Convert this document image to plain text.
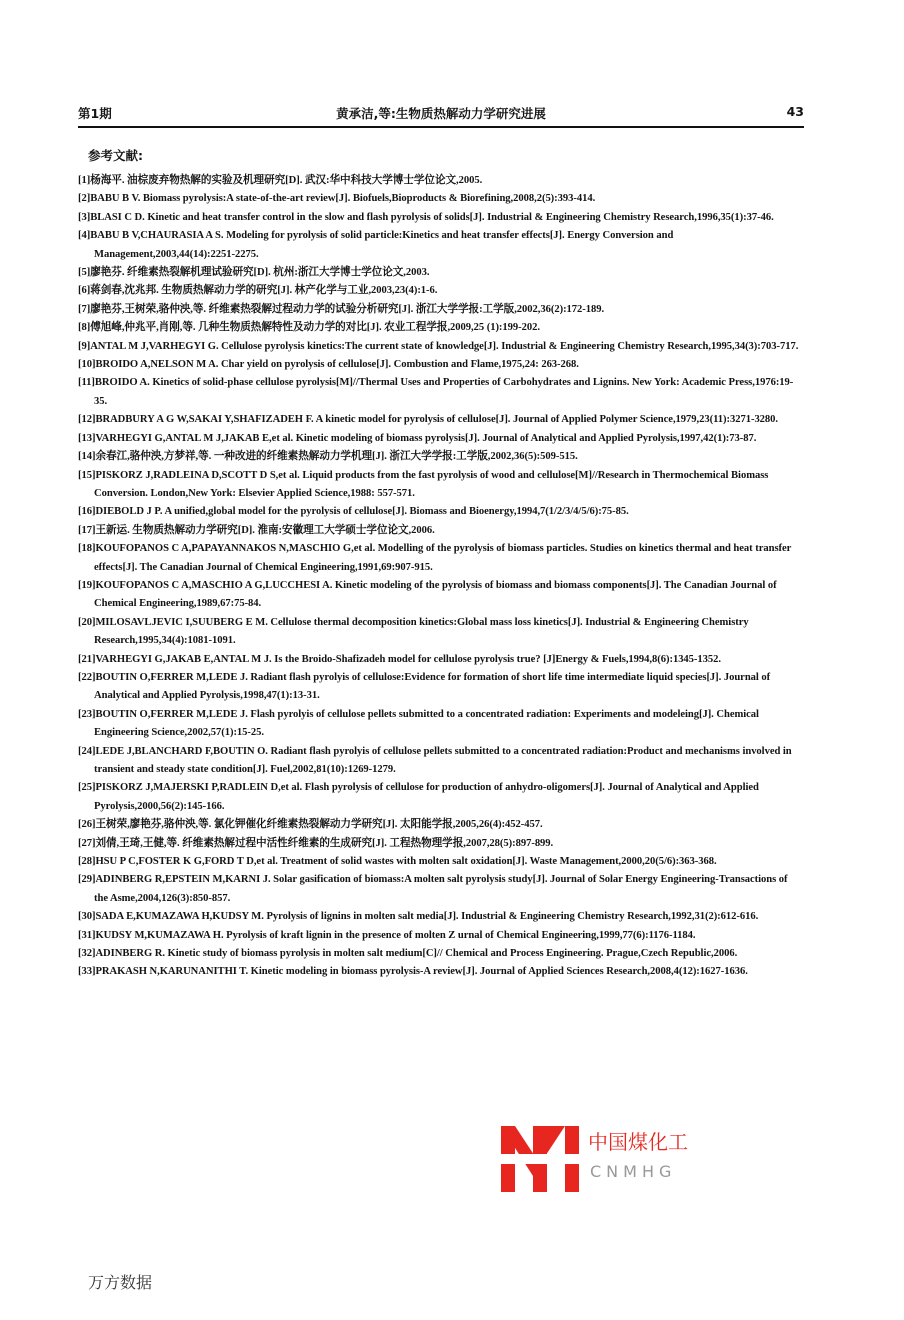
第1期	黄承洁,等:生物质热解动力学研究进展	43
参考文献:
[1]杨海平. 油棕废弃物热解的实验及机理研究[D]. 武汉:华中科技大学博士学位论文,2005.
[2]BABU B V. Biomass pyrolysis:A state-of-the-art review[J]. Biofuels,Bioproducts & Biorefining,2008,2(5):393-414.
[3]BLASI C D. Kinetic and heat transfer control in the slow and flash pyrolysis of solids[J]. Industrial & Engineering Chemistry Research,1996,35(1):37-46.
[4]BABU B V,CHAURASIA A S. Modeling for pyrolysis of solid particle:Kinetics and heat transfer effects[J]. Energy Conversion and Management,2003,44(14):2251-2275.
[5]廖艳芬. 纤维素热裂解机理试验研究[D]. 杭州:浙江大学博士学位论文,2003.
[6]蒋剑春,沈兆邦. 生物质热解动力学的研究[J]. 林产化学与工业,2003,23(4):1-6.
[7]廖艳芬,王树荣,骆仲泱,等. 纤维素热裂解过程动力学的试验分析研究[J]. 浙江大学学报:工学版,2002,36(2):172-189.
[8]傅旭峰,仲兆平,肖刚,等. 几种生物质热解特性及动力学的对比[J]. 农业工程学报,2009,25 (1):199-202.
[9]ANTAL M J,VARHEGYI G. Cellulose pyrolysis kinetics:The current state of knowledge[J]. Industrial & Engineering Chemistry Research,1995,34(3):703-717.
[10]BROIDO A,NELSON M A. Char yield on pyrolysis of cellulose[J]. Combustion and Flame,1975,24: 263-268.
[11]BROIDO A. Kinetics of solid-phase cellulose pyrolysis[M]//Thermal Uses and Properties of Carbohydrates and Lignins. New York: Academic Press,1976:19-35.
[12]BRADBURY A G W,SAKAI Y,SHAFIZADEH F. A kinetic model for pyrolysis of cellulose[J]. Journal of Applied Polymer Science,1979,23(11):3271-3280.
[13]VARHEGYI G,ANTAL M J,JAKAB E,et al. Kinetic modeling of biomass pyrolysis[J]. Journal of Analytical and Applied Pyrolysis,1997,42(1):73-87.
[14]余春江,骆仲泱,方梦祥,等. 一种改进的纤维素热解动力学机理[J]. 浙江大学学报:工学版,2002,36(5):509-515.
[15]PISKORZ J,RADLEINA D,SCOTT D S,et al. Liquid products from the fast pyrolysis of wood and cellulose[M]//Research in Thermochemical Biomass Conversion. London,New York: Elsevier Applied Science,1988: 557-571.
[16]DIEBOLD J P. A unified,global model for the pyrolysis of cellulose[J]. Biomass and Bioenergy,1994,7(1/2/3/4/5/6):75-85.
[17]王新运. 生物质热解动力学研究[D]. 淮南:安徽理工大学硕士学位论文,2006.
[18]KOUFOPANOS C A,PAPAYANNAKOS N,MASCHIO G,et al. Modelling of the pyrolysis of biomass particles. Studies on kinetics thermal and heat transfer effects[J]. The Canadian Journal of Chemical Engineering,1991,69:907-915.
[19]KOUFOPANOS C A,MASCHIO A G,LUCCHESI A. Kinetic modeling of the pyrolysis of biomass and biomass components[J]. The Canadian Journal of Chemical Engineering,1989,67:75-84.
[20]MILOSAVLJEVIC I,SUUBERG E M. Cellulose thermal decomposition kinetics:Global mass loss kinetics[J]. Industrial & Engineering Chemistry Research,1995,34(4):1081-1091.
[21]VARHEGYI G,JAKAB E,ANTAL M J. Is the Broido-Shafizadeh model for cellulose pyrolysis true? [J]Energy & Fuels,1994,8(6):1345-1352.
[22]BOUTIN O,FERRER M,LEDE J. Radiant flash pyrolyis of cellulose:Evidence for formation of short life time intermediate liquid species[J]. Journal of Analytical and Applied Pyrolysis,1998,47(1):13-31.
[23]BOUTIN O,FERRER M,LEDE J. Flash pyrolyis of cellulose pellets submitted to a concentrated radiation: Experiments and modeleing[J]. Chemical Engineering Science,2002,57(1):15-25.
[24]LEDE J,BLANCHARD F,BOUTIN O. Radiant flash pyrolyis of cellulose pellets submitted to a concentrated radiation:Product and mechanisms involved in transient and steady state condition[J]. Fuel,2002,81(10):1269-1279.
[25]PISKORZ J,MAJERSKI P,RADLEIN D,et al. Flash pyrolysis of cellulose for production of anhydro-oligomers[J]. Journal of Analytical and Applied Pyrolysis,2000,56(2):145-166.
[26]王树荣,廖艳芬,骆仲泱,等. 氯化钾催化纤维素热裂解动力学研究[J]. 太阳能学报,2005,26(4):452-457.
[27]刘倩,王琦,王健,等. 纤维素热解过程中活性纤维素的生成研究[J]. 工程热物理学报,2007,28(5):897-899.
[28]HSU P C,FOSTER K G,FORD T D,et al. Treatment of solid wastes with molten salt oxidation[J]. Waste Management,2000,20(5/6):363-368.
[29]ADINBERG R,EPSTEIN M,KARNI J. Solar gasification of biomass:A molten salt pyrolysis study[J]. Journal of Solar Energy Engineering-Transactions of the Asme,2004,126(3):850-857.
[30]SADA E,KUMAZAWA H,KUDSY M. Pyrolysis of lignins in molten salt media[J]. Industrial & Engineering Chemistry Research,1992,31(2):612-616.
[31]KUDSY M,KUMAZAWA H. Pyrolysis of kraft lignin in the presence of molten Z urnal of Chemical Engineering,1999,77(6):1176-1184.
[32]ADINBERG R. Kinetic study of biomass pyrolysis in molten salt medium[C]// Chemical and Process Engineering. Prague,Czech Republic,2006.
[33]PRAKASH N,KARUNANITHI T. Kinetic modeling in biomass pyrolysis-A review[J]. Journal of Applied Sciences Research,2008,4(12):1627-1636.
中国煤化工
CNMHG
万方数据
